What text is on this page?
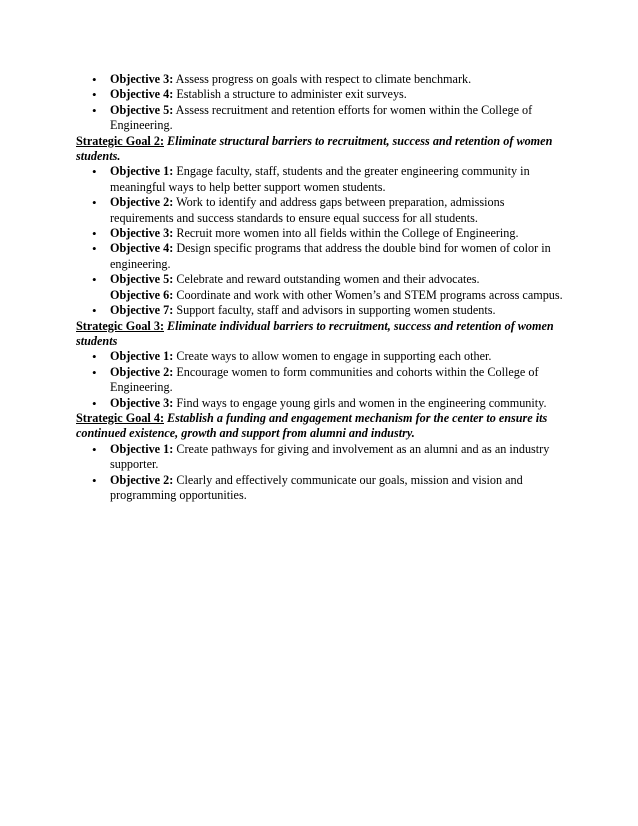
• Objective 3: Assess progress on goals with respect to climate benchmark.
• Objective 4: Establish a structure to administer exit surveys.
• Objective 5: Assess recruitment and retention efforts for women within the College of Engineering.
Strategic Goal 2: Eliminate structural barriers to recruitment, success and retention of women students.
• Objective 1: Engage faculty, staff, students and the greater engineering community in meaningful ways to help better support women students.
• Objective 2: Work to identify and address gaps between preparation, admissions requirements and success standards to ensure equal success for all students.
• Objective 3: Recruit more women into all fields within the College of Engineering.
• Objective 4: Design specific programs that address the double bind for women of color in engineering.
• Objective 5: Celebrate and reward outstanding women and their advocates.
Objective 6: Coordinate and work with other Women’s and STEM programs across campus.
• Objective 7: Support faculty, staff and advisors in supporting women students.
Strategic Goal 3: Eliminate individual barriers to recruitment, success and retention of women students
• Objective 1: Create ways to allow women to engage in supporting each other.
• Objective 2: Encourage women to form communities and cohorts within the College of Engineering.
• Objective 3: Find ways to engage young girls and women in the engineering community.
Strategic Goal 4: Establish a funding and engagement mechanism for the center to ensure its continued existence, growth and support from alumni and industry.
• Objective 1: Create pathways for giving and involvement as an alumni and as an industry supporter.
• Objective 2: Clearly and effectively communicate our goals, mission and vision and programming opportunities.
